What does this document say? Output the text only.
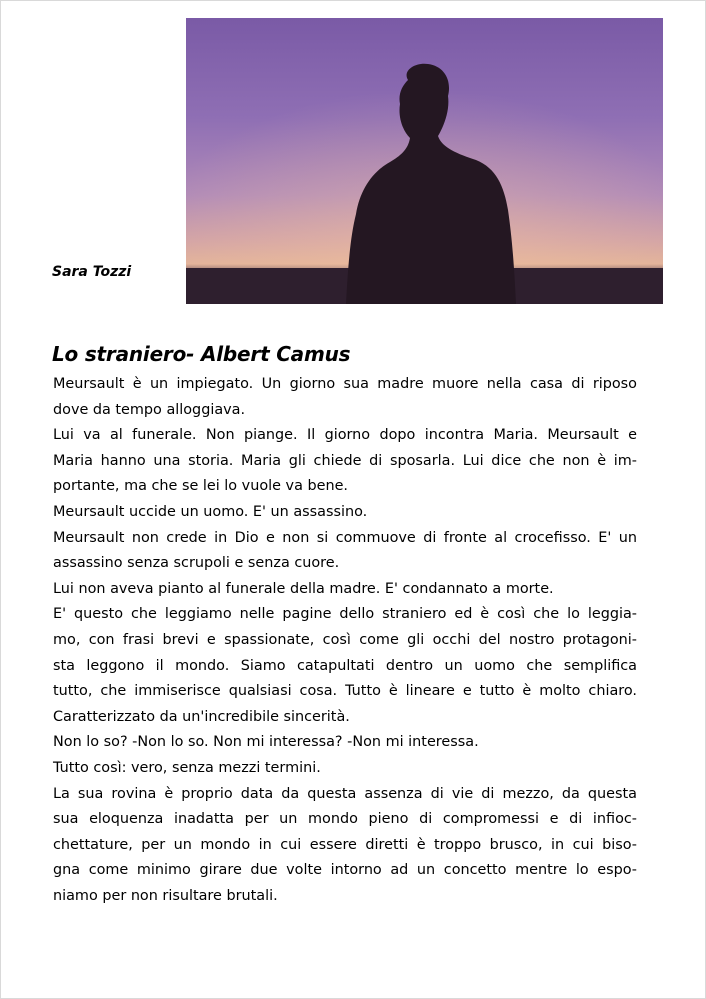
Sara Tozzi
Lo straniero- Albert Camus

Meursault è un impiegato. Un giorno sua madre muore nella casa di riposo

dove da tempo alloggiava.

Lui va al funerale. Non piange. Il giorno dopo incontra Maria. Meursault e

Maria hanno una storia. Maria gli chiede di sposarla. Lui dice che non è im-

portante, ma che se lei lo vuole va bene.

Meursault uccide un uomo. E' un assassino.

Meursault non crede in Dio e non si commuove di fronte al crocefisso. E' un

assassino senza scrupoli e senza cuore.

Lui non aveva pianto al funerale della madre. E' condannato a morte.

E' questo che leggiamo nelle pagine dello straniero ed è così che lo leggia-

mo, con frasi brevi e spassionate, così come gli occhi del nostro protagoni-

sta leggono il mondo. Siamo catapultati dentro un uomo che semplifica

tutto, che immiserisce qualsiasi cosa. Tutto è lineare e tutto è molto chiaro.

Caratterizzato da un'incredibile sincerità.

Non lo so? -Non lo so. Non mi interessa? -Non mi interessa.

Tutto così: vero, senza mezzi termini.

La sua rovina è proprio data da questa assenza di vie di mezzo, da questa

sua eloquenza inadatta per un mondo pieno di compromessi e di infioc-

chettature, per un mondo in cui essere diretti è troppo brusco, in cui biso-

gna come minimo girare due volte intorno ad un concetto mentre lo espo-

niamo per non risultare brutali.
